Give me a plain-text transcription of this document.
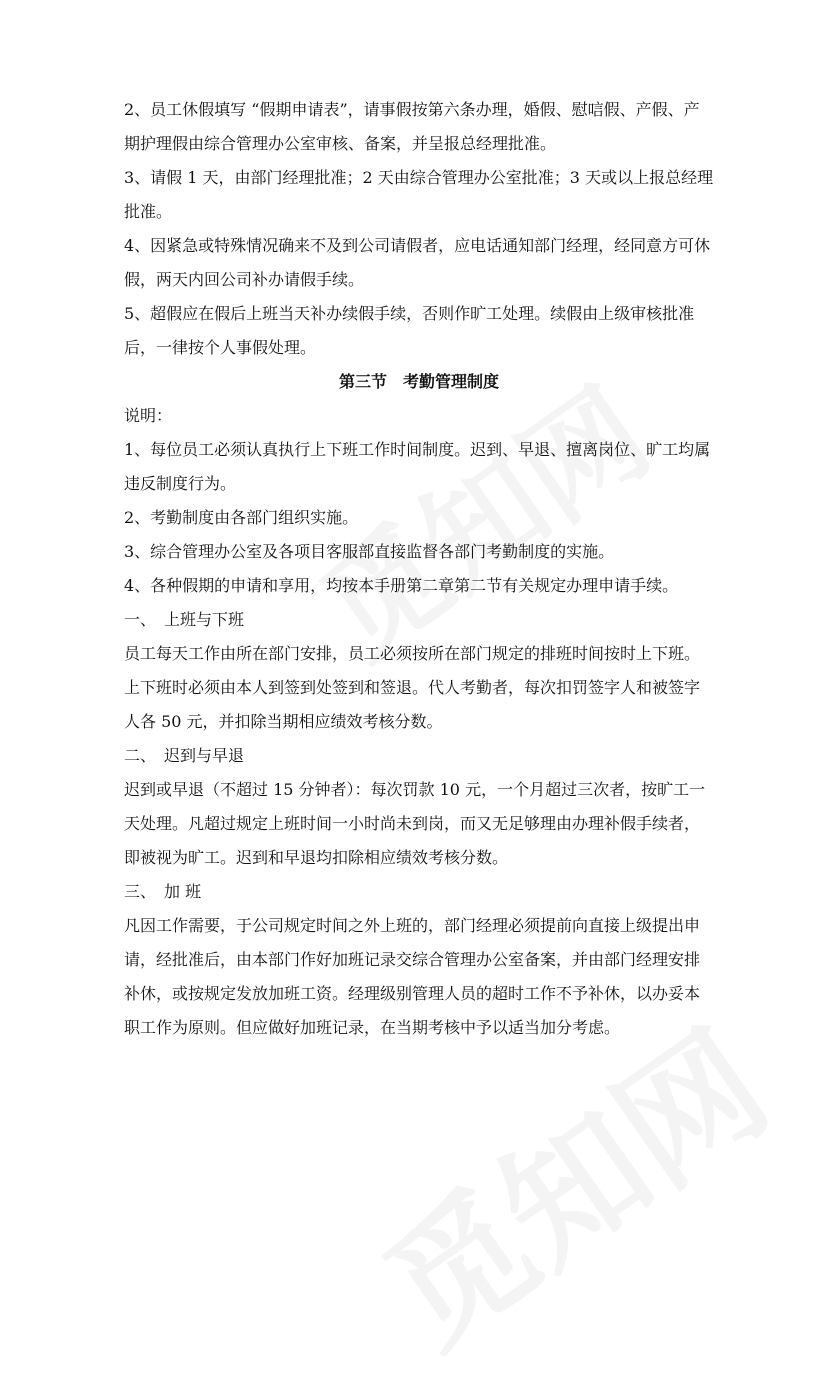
2、员工休假填写 “假期申请表”，请事假按第六条办理，婚假、慰唁假、产假、产期护理假由综合管理办公室审核、备案，并呈报总经理批准。

3、请假 1 天，由部门经理批准；2 天由综合管理办公室批准；3 天或以上报总经理批准。

4、因紧急或特殊情况确来不及到公司请假者，应电话通知部门经理，经同意方可休假，两天内回公司补办请假手续。

5、超假应在假后上班当天补办续假手续，否则作旷工处理。续假由上级审核批准后，一律按个人事假处理。

第三节　考勤管理制度

说明：

1、每位员工必须认真执行上下班工作时间制度。迟到、早退、擅离岗位、旷工均属违反制度行为。

2、考勤制度由各部门组织实施。

3、综合管理办公室及各项目客服部直接监督各部门考勤制度的实施。

4、各种假期的申请和享用，均按本手册第二章第二节有关规定办理申请手续。

一、　上班与下班

员工每天工作由所在部门安排，员工必须按所在部门规定的排班时间按时上下班。上下班时必须由本人到签到处签到和签退。代人考勤者，每次扣罚签字人和被签字人各 50 元，并扣除当期相应绩效考核分数。

二、　迟到与早退

迟到或早退（不超过 15 分钟者）：每次罚款 10 元，一个月超过三次者，按旷工一天处理。凡超过规定上班时间一小时尚未到岗，而又无足够理由办理补假手续者，即被视为旷工。迟到和早退均扣除相应绩效考核分数。

三、　加 班

凡因工作需要，于公司规定时间之外上班的，部门经理必须提前向直接上级提出申请，经批准后，由本部门作好加班记录交综合管理办公室备案，并由部门经理安排补休，或按规定发放加班工资。经理级别管理人员的超时工作不予补休，以办妥本职工作为原则。但应做好加班记录，在当期考核中予以适当加分考虑。
